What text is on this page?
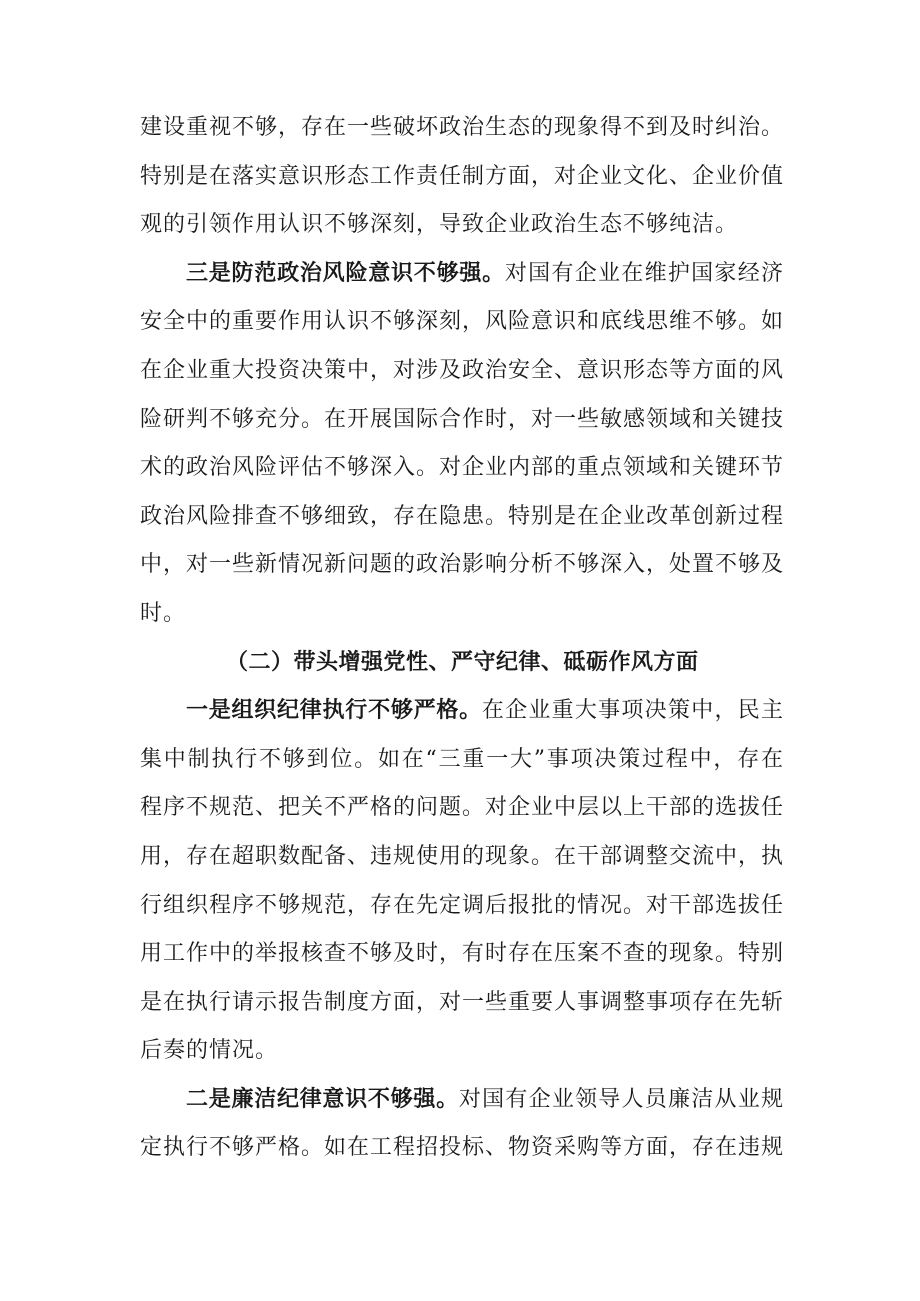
建设重视不够，存在一些破坏政治生态的现象得不到及时纠治。特别是在落实意识形态工作责任制方面，对企业文化、企业价值观的引领作用认识不够深刻，导致企业政治生态不够纯洁。

三是防范政治风险意识不够强。对国有企业在维护国家经济安全中的重要作用认识不够深刻，风险意识和底线思维不够。如在企业重大投资决策中，对涉及政治安全、意识形态等方面的风险研判不够充分。在开展国际合作时，对一些敏感领域和关键技术的政治风险评估不够深入。对企业内部的重点领域和关键环节政治风险排查不够细致，存在隐患。特别是在企业改革创新过程中，对一些新情况新问题的政治影响分析不够深入，处置不够及时。

（二）带头增强党性、严守纪律、砥砺作风方面

一是组织纪律执行不够严格。在企业重大事项决策中，民主集中制执行不够到位。如在“三重一大”事项决策过程中，存在程序不规范、把关不严格的问题。对企业中层以上干部的选拔任用，存在超职数配备、违规使用的现象。在干部调整交流中，执行组织程序不够规范，存在先定调后报批的情况。对干部选拔任用工作中的举报核查不够及时，有时存在压案不查的现象。特别是在执行请示报告制度方面，对一些重要人事调整事项存在先斩后奏的情况。

二是廉洁纪律意识不够强。对国有企业领导人员廉洁从业规定执行不够严格。如在工程招投标、物资采购等方面，存在违规
